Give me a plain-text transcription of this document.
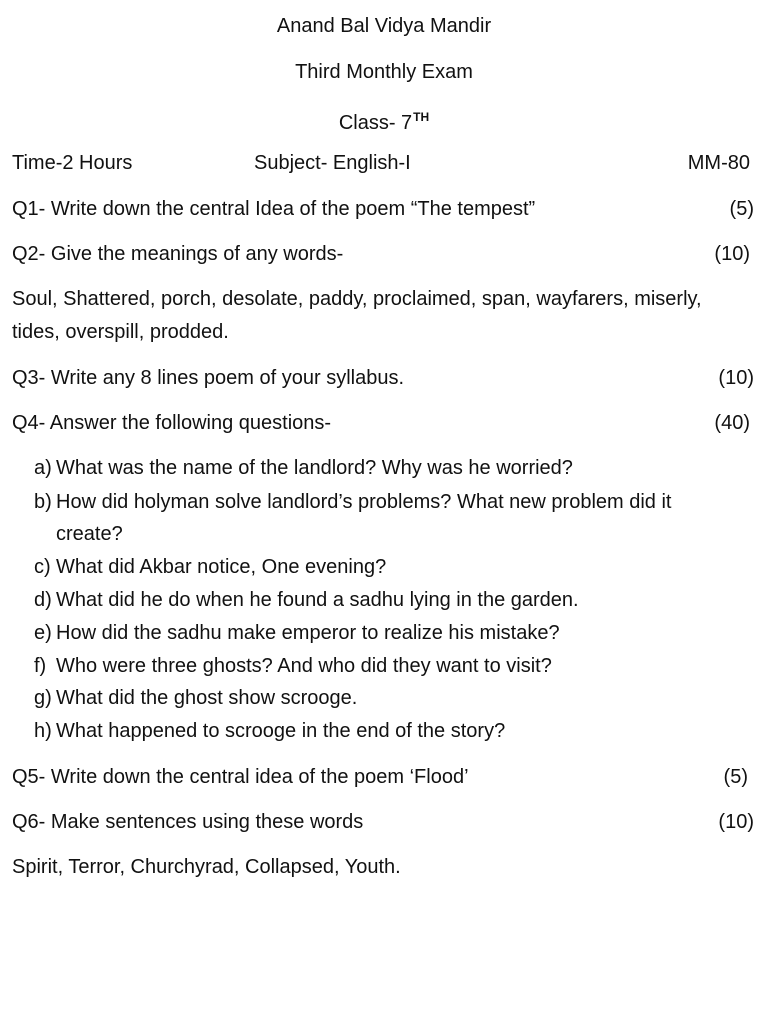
Anand Bal Vidya Mandir
Third Monthly Exam
Class- 7TH
Time-2 Hours	Subject- English-I	MM-80
Q1- Write down the central Idea of the poem “The tempest”	(5)
Q2- Give the meanings of any words-	(10)
Soul, Shattered, porch, desolate, paddy, proclaimed, span, wayfarers, miserly,
tides, overspill, prodded.
Q3- Write any 8 lines poem of your syllabus.	(10)
Q4- Answer the following questions-	(40)
a) What was the name of the landlord? Why was he worried?
b) How did holyman solve landlord’s problems? What new problem did it
create?
c) What did Akbar notice, One evening?
d) What did he do when he found a sadhu lying in the garden.
e) How did the sadhu make emperor to realize his mistake?
f) Who were three ghosts? And who did they want to visit?
g) What did the ghost show scrooge.
h) What happened to scrooge in the end of the story?
Q5- Write down the central idea of the poem ‘Flood’	(5)
Q6- Make sentences using these words	(10)
Spirit, Terror, Churchyrad, Collapsed, Youth.
